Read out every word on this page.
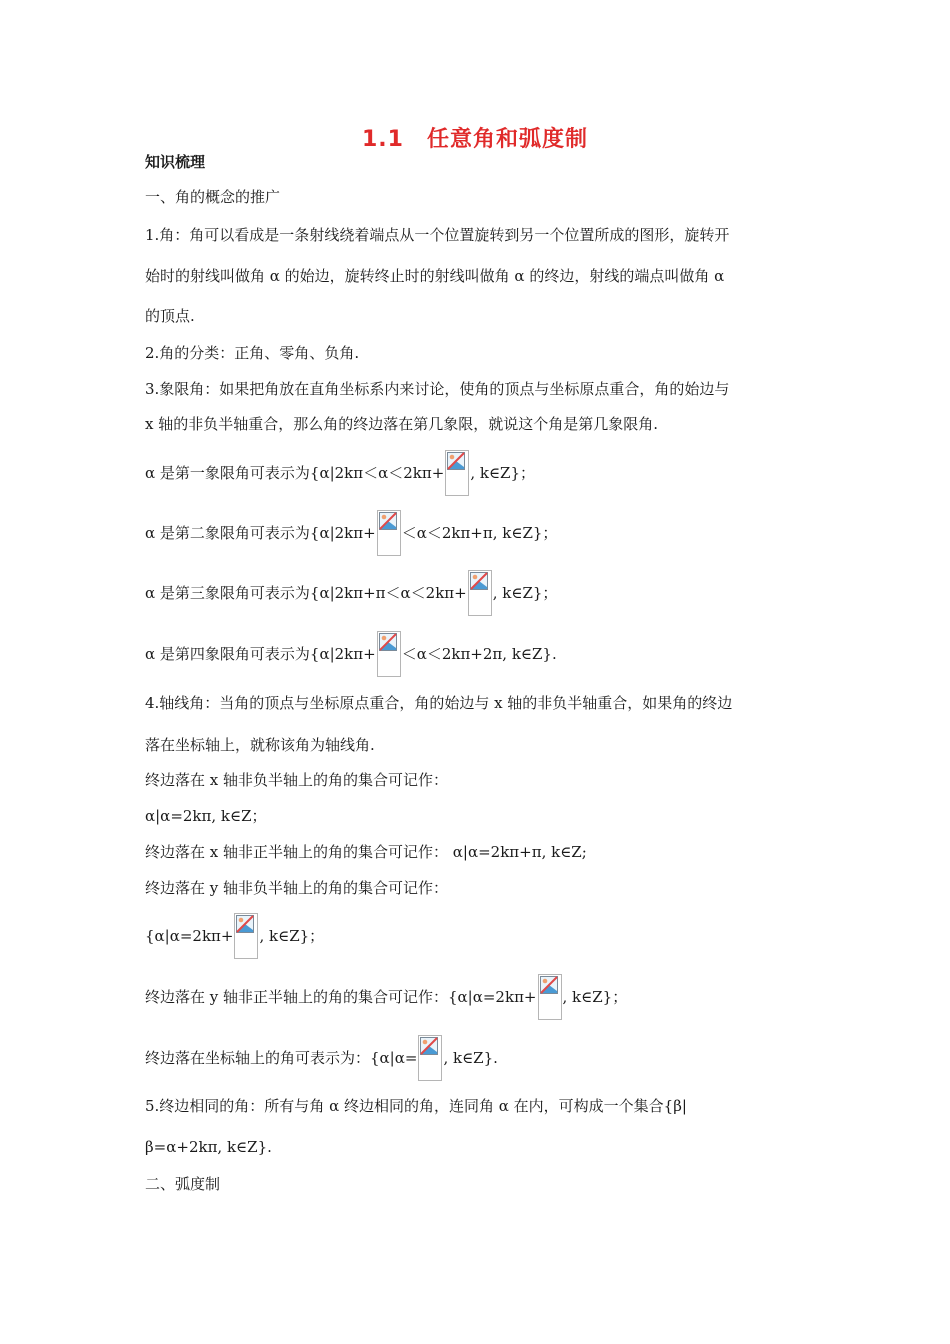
1.1　任意角和弧度制
知识梳理
一、角的概念的推广
1.角：角可以看成是一条射线绕着端点从一个位置旋转到另一个位置所成的图形，旋转开
始时的射线叫做角 α 的始边，旋转终止时的射线叫做角 α 的终边，射线的端点叫做角 α
的顶点.
2.角的分类：正角、零角、负角.
3.象限角：如果把角放在直角坐标系内来讨论，使角的顶点与坐标原点重合，角的始边与
x 轴的非负半轴重合，那么角的终边落在第几象限，就说这个角是第几象限角.
α 是第一象限角可表示为{α|2kπ＜α＜2kπ+ , k∈Z}；
α 是第二象限角可表示为{α|2kπ+ ＜α＜2kπ+π, k∈Z}；
α 是第三象限角可表示为{α|2kπ+π＜α＜2kπ+ , k∈Z}；
α 是第四象限角可表示为{α|2kπ+ ＜α＜2kπ+2π, k∈Z}.
4.轴线角：当角的顶点与坐标原点重合，角的始边与 x 轴的非负半轴重合，如果角的终边
落在坐标轴上，就称该角为轴线角.
终边落在 x 轴非负半轴上的角的集合可记作：
α|α=2kπ, k∈Z；
终边落在 x 轴非正半轴上的角的集合可记作： α|α=2kπ+π, k∈Z;
终边落在 y 轴非负半轴上的角的集合可记作：
{α|α=2kπ+ , k∈Z}；
终边落在 y 轴非正半轴上的角的集合可记作：{α|α=2kπ+ , k∈Z}；
终边落在坐标轴上的角可表示为：{α|α= , k∈Z}.
5.终边相同的角：所有与角 α 终边相同的角，连同角 α 在内，可构成一个集合{β|
β=α+2kπ, k∈Z}.
二、弧度制
